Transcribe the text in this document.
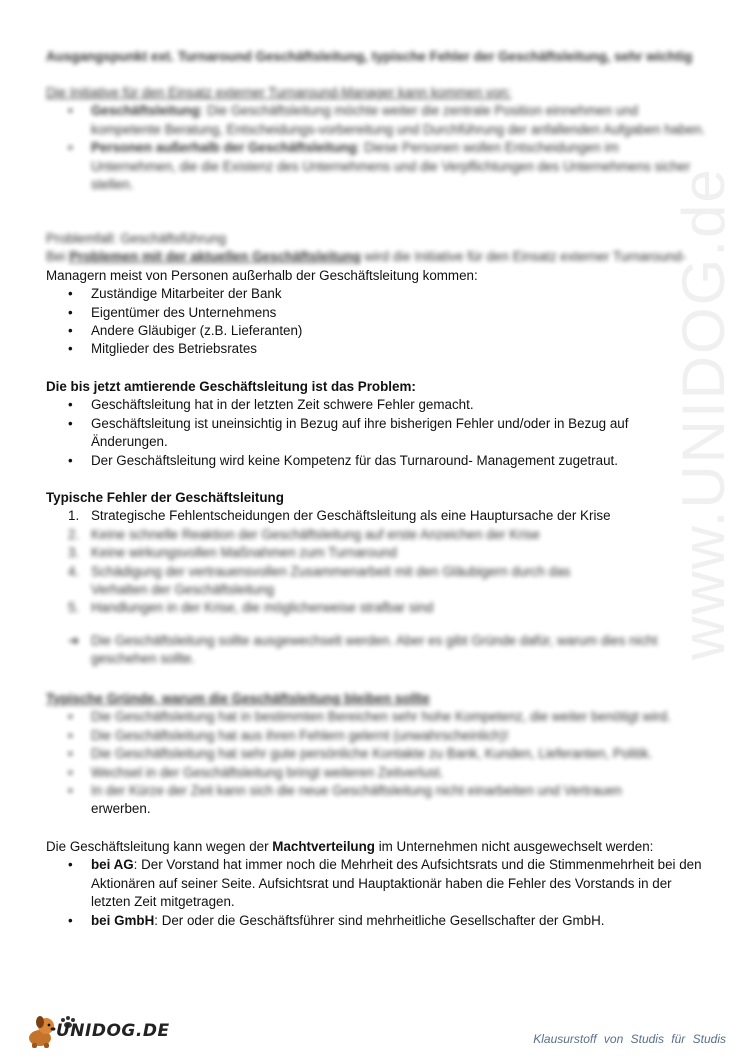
www.UNIDOG.de

Ausgangspunkt ext. Turnaround Geschäftsleitung, typische Fehler der Geschäftsleitung, sehr wichtig

Die Initiative für den Einsatz externer Turnaround-Manager kann kommen von:

• Geschäftsleitung: Die Geschäftsleitung möchte weiter die zentrale Position einnehmen und kompetente Beratung, Entscheidungs-vorbereitung und Durchführung der anfallenden Aufgaben haben.
• Personen außerhalb der Geschäftsleitung: Diese Personen wollen Entscheidungen im Unternehmen, die die Existenz des Unternehmens und die Verpflichtungen des Unternehmens sicher stellen.

Problemfall: Geschäftsführung

Bei Problemen mit der aktuellen Geschäftsleitung wird die Initiative für den Einsatz externer Turnaround-

Managern meist von Personen außerhalb der Geschäftsleitung kommen:

• Zuständige Mitarbeiter der Bank
• Eigentümer des Unternehmens
• Andere Gläubiger (z.B. Lieferanten)
• Mitglieder des Betriebsrates

Die bis jetzt amtierende Geschäftsleitung ist das Problem:

• Geschäftsleitung hat in der letzten Zeit schwere Fehler gemacht.
• Geschäftsleitung ist uneinsichtig in Bezug auf ihre bisherigen Fehler und/oder in Bezug auf Änderungen.
• Der Geschäftsleitung wird keine Kompetenz für das Turnaround- Management zugetraut.

Typische Fehler der Geschäftsleitung

1. Strategische Fehlentscheidungen der Geschäftsleitung als eine Hauptursache der Krise
2. Keine schnelle Reaktion der Geschäftsleitung auf erste Anzeichen der Krise
3. Keine wirkungsvollen Maßnahmen zum Turnaround
4. Schädigung der vertrauensvollen Zusammenarbeit mit den Gläubigern durch das Verhalten der Geschäftsleitung
5. Handlungen in der Krise, die möglicherweise strafbar sind
➜ Die Geschäftsleitung sollte ausgewechselt werden. Aber es gibt Gründe dafür, warum dies nicht geschehen sollte.

Typische Gründe, warum die Geschäftsleitung bleiben sollte

• Die Geschäftsleitung hat in bestimmten Bereichen sehr hohe Kompetenz, die weiter benötigt wird.
• Die Geschäftsleitung hat aus ihren Fehlern gelernt (unwahrscheinlich)!
• Die Geschäftsleitung hat sehr gute persönliche Kontakte zu Bank, Kunden, Lieferanten, Politik.
• Wechsel in der Geschäftsleitung bringt weiteren Zeitverlust.
• In der Kürze der Zeit kann sich die neue Geschäftsleitung nicht einarbeiten und Vertrauen

erwerben.

Die Geschäftsleitung kann wegen der Machtverteilung im Unternehmen nicht ausgewechselt werden:

• bei AG: Der Vorstand hat immer noch die Mehrheit des Aufsichtsrats und die Stimmenmehrheit bei den Aktionären auf seiner Seite. Aufsichtsrat und Hauptaktionär haben die Fehler des Vorstands in der letzten Zeit mitgetragen.
• bei GmbH: Der oder die Geschäftsführer sind mehrheitliche Gesellschafter der GmbH.
UNIDOG.DE	Klausurstoff von Studis für Studis
